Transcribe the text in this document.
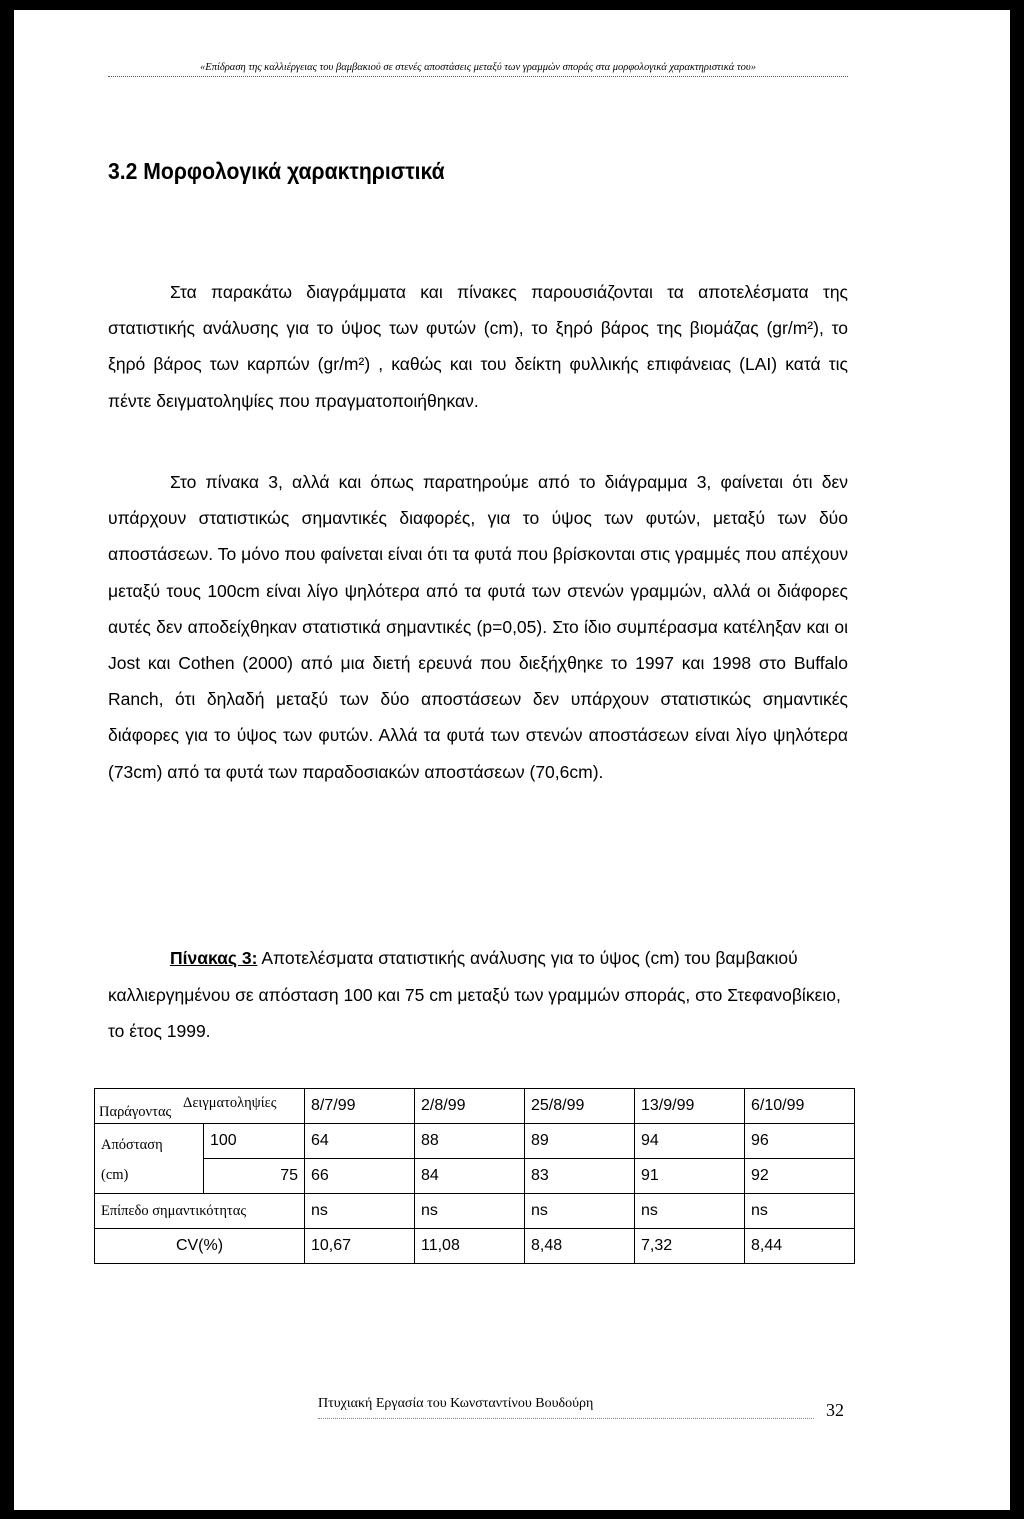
«Επίδραση της καλλιέργειας του βαμβακιού σε στενές αποστάσεις μεταξύ των γραμμών σποράς στα μορφολογικά χαρακτηριστικά του»
3.2 Μορφολογικά χαρακτηριστικά
Στα παρακάτω διαγράμματα και πίνακες παρουσιάζονται τα αποτελέσματα της στατιστικής ανάλυσης για το ύψος των φυτών (cm), το ξηρό βάρος της βιομάζας (gr/m²), το ξηρό βάρος των καρπών (gr/m²) , καθώς και του δείκτη φυλλικής επιφάνειας (LAI) κατά τις πέντε δειγματοληψίες που πραγματοποιήθηκαν.
Στο πίνακα 3, αλλά και όπως παρατηρούμε από το διάγραμμα 3, φαίνεται ότι δεν υπάρχουν στατιστικώς σημαντικές διαφορές, για το ύψος των φυτών, μεταξύ των δύο αποστάσεων. Το μόνο που φαίνεται είναι ότι τα φυτά που βρίσκονται στις γραμμές που απέχουν μεταξύ τους 100cm είναι λίγο ψηλότερα από τα φυτά των στενών γραμμών, αλλά οι διάφορες αυτές δεν αποδείχθηκαν στατιστικά σημαντικές (p=0,05). Στο ίδιο συμπέρασμα κατέληξαν και οι Jost και Cothen (2000) από μια διετή ερευνά που διεξήχθηκε το 1997 και 1998 στο Buffalo Ranch, ότι δηλαδή μεταξύ των δύο αποστάσεων δεν υπάρχουν στατιστικώς σημαντικές διάφορες για το ύψος των φυτών. Αλλά τα φυτά των στενών αποστάσεων είναι λίγο ψηλότερα (73cm) από τα φυτά των παραδοσιακών αποστάσεων (70,6cm).
Πίνακας 3: Αποτελέσματα στατιστικής ανάλυσης για το ύψος (cm) του βαμβακιού καλλιεργημένου σε απόσταση 100 και 75 cm μεταξύ των γραμμών σποράς, στο Στεφανοβίκειο, το έτος 1999.
Δειγματοληψίες
Παράγοντας		8/7/99	2/8/99	25/8/99	13/9/99	6/10/99
Απόσταση
(cm)	100	64	88	89	94	96
	75	66	84	83	91	92
Επίπεδο σημαντικότητας		ns	ns	ns	ns	ns
CV(%)		10,67	11,08	8,48	7,32	8,44
Πτυχιακή Εργασία του Κωνσταντίνου Βουδούρη	32
